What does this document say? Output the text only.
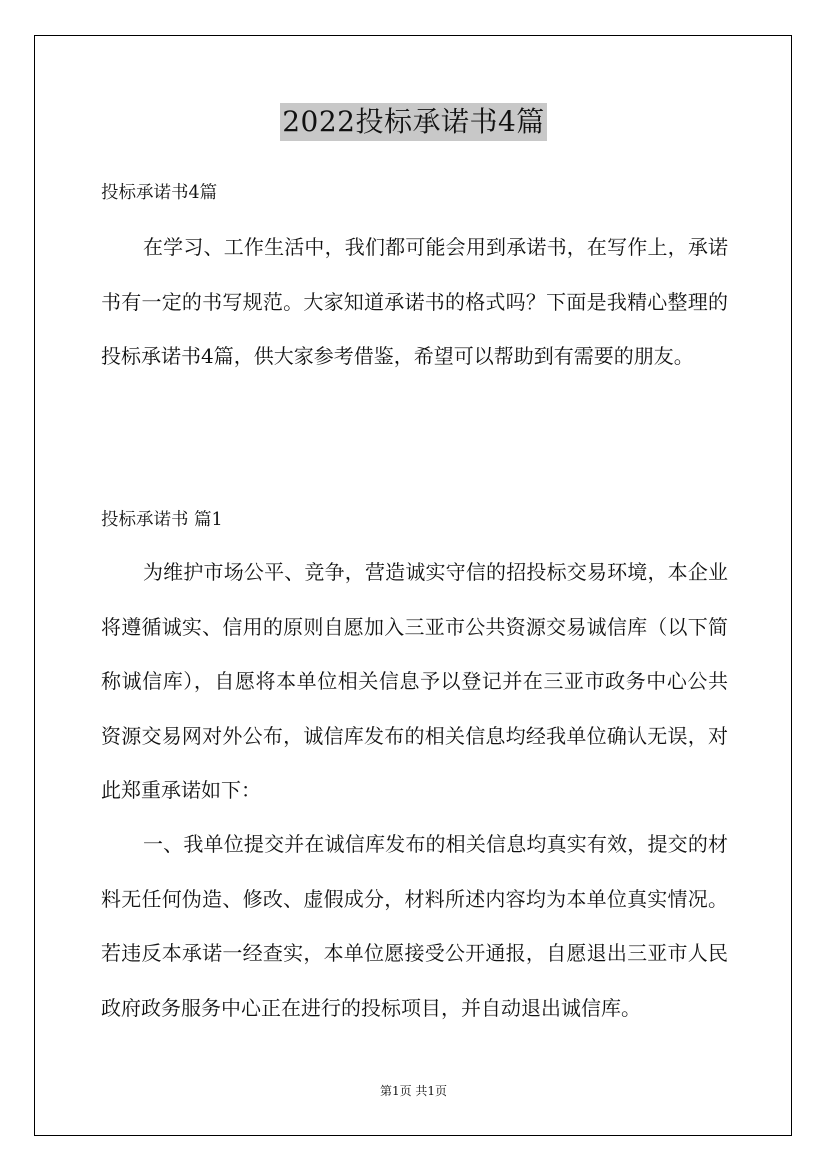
2022投标承诺书4篇
投标承诺书4篇

在学习、工作生活中，我们都可能会用到承诺书，在写作上，承诺书有一定的书写规范。大家知道承诺书的格式吗？下面是我精心整理的投标承诺书4篇，供大家参考借鉴，希望可以帮助到有需要的朋友。

投标承诺书 篇1

为维护市场公平、竞争，营造诚实守信的招投标交易环境，本企业将遵循诚实、信用的原则自愿加入三亚市公共资源交易诚信库（以下简称诚信库），自愿将本单位相关信息予以登记并在三亚市政务中心公共资源交易网对外公布，诚信库发布的相关信息均经我单位确认无误，对此郑重承诺如下：

一、我单位提交并在诚信库发布的相关信息均真实有效，提交的材料无任何伪造、修改、虚假成分，材料所述内容均为本单位真实情况。若违反本承诺一经查实，本单位愿接受公开通报，自愿退出三亚市人民政府政务服务中心正在进行的投标项目，并自动退出诚信库。

第1页 共1页
